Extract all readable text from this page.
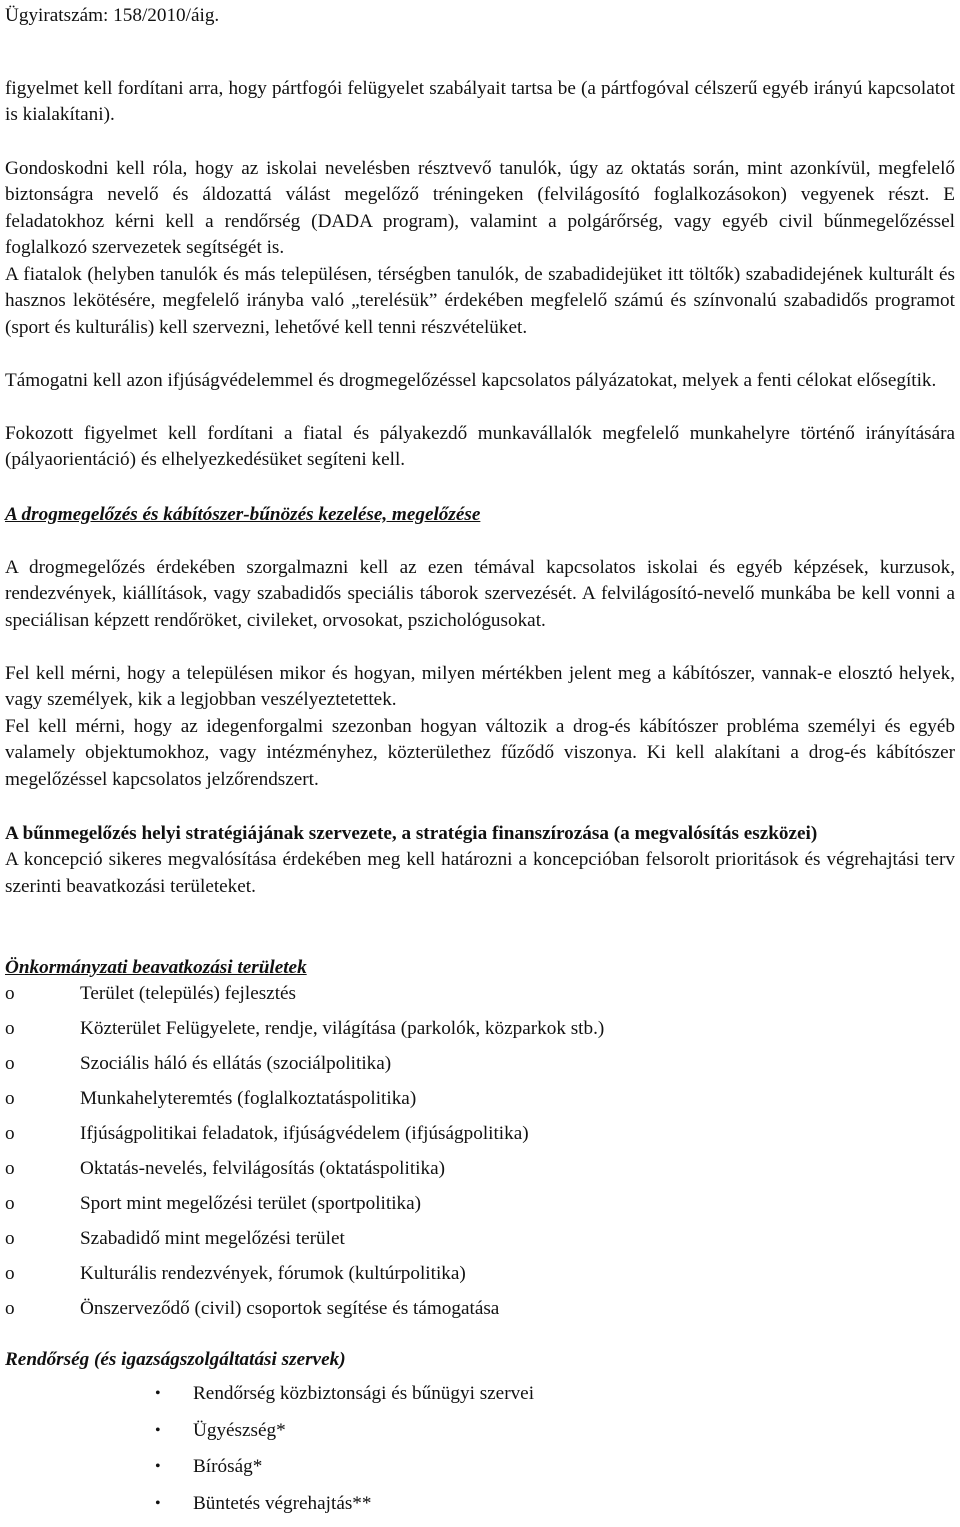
Ügyiratszám: 158/2010/áig.

figyelmet kell fordítani arra, hogy pártfogói felügyelet szabályait tartsa be (a pártfogóval célszerű egyéb irányú kapcsolatot is kialakítani).

Gondoskodni kell róla, hogy az iskolai nevelésben résztvevő tanulók, úgy az oktatás során, mint azonkívül, megfelelő biztonságra nevelő és áldozattá válást megelőző tréningeken (felvilágosító foglalkozásokon) vegyenek részt. E feladatokhoz kérni kell a rendőrség (DADA program), valamint a polgárőrség, vagy egyéb civil bűnmegelőzéssel foglalkozó szervezetek segítségét is.

A fiatalok (helyben tanulók és más településen, térségben tanulók, de szabadidejüket itt töltők) szabadidejének kulturált és hasznos lekötésére, megfelelő irányba való „terelésük” érdekében megfelelő számú és színvonalú szabadidős programot (sport és kulturális) kell szervezni, lehetővé kell tenni részvételüket.

Támogatni kell azon ifjúságvédelemmel és drogmegelőzéssel kapcsolatos pályázatokat, melyek a fenti célokat elősegítik.

Fokozott figyelmet kell fordítani a fiatal és pályakezdő munkavállalók megfelelő munkahelyre történő irányítására (pályaorientáció) és elhelyezkedésüket segíteni kell.

A drogmegelőzés és kábítószer-bűnözés kezelése, megelőzése

A drogmegelőzés érdekében szorgalmazni kell az ezen témával kapcsolatos iskolai és egyéb képzések, kurzusok, rendezvények, kiállítások, vagy szabadidős speciális táborok szervezését. A felvilágosító-nevelő munkába be kell vonni a speciálisan képzett rendőröket, civileket, orvosokat, pszichológusokat.

Fel kell mérni, hogy a településen mikor és hogyan, milyen mértékben jelent meg a kábítószer, vannak-e elosztó helyek, vagy személyek, kik a legjobban veszélyeztetettek.

Fel kell mérni, hogy az idegenforgalmi szezonban hogyan változik a drog-és kábítószer probléma személyi és egyéb valamely objektumokhoz, vagy intézményhez, közterülethez fűződő viszonya. Ki kell alakítani a drog-és kábítószer megelőzéssel kapcsolatos jelzőrendszert.

A bűnmegelőzés helyi stratégiájának szervezete, a stratégia finanszírozása (a megvalósítás eszközei)

A koncepció sikeres megvalósítása érdekében meg kell határozni a koncepcióban felsorolt prioritások és végrehajtási terv szerinti beavatkozási területeket.

Önkormányzati beavatkozási területek

o	Terület (település) fejlesztés
o	Közterület Felügyelete, rendje, világítása (parkolók, közparkok stb.)
o	Szociális háló és ellátás (szociálpolitika)
o	Munkahelyteremtés (foglalkoztatáspolitika)
o	Ifjúságpolitikai feladatok, ifjúságvédelem (ifjúságpolitika)
o	Oktatás-nevelés, felvilágosítás (oktatáspolitika)
o	Sport mint megelőzési terület (sportpolitika)
o	Szabadidő mint megelőzési terület
o	Kulturális rendezvények, fórumok (kultúrpolitika)
o	Önszerveződő (civil) csoportok segítése és támogatása

Rendőrség (és igazságszolgáltatási szervek)

• Rendőrség közbiztonsági és bűnügyi szervei
• Ügyészség*
• Bíróság*
• Büntetés végrehajtás**
